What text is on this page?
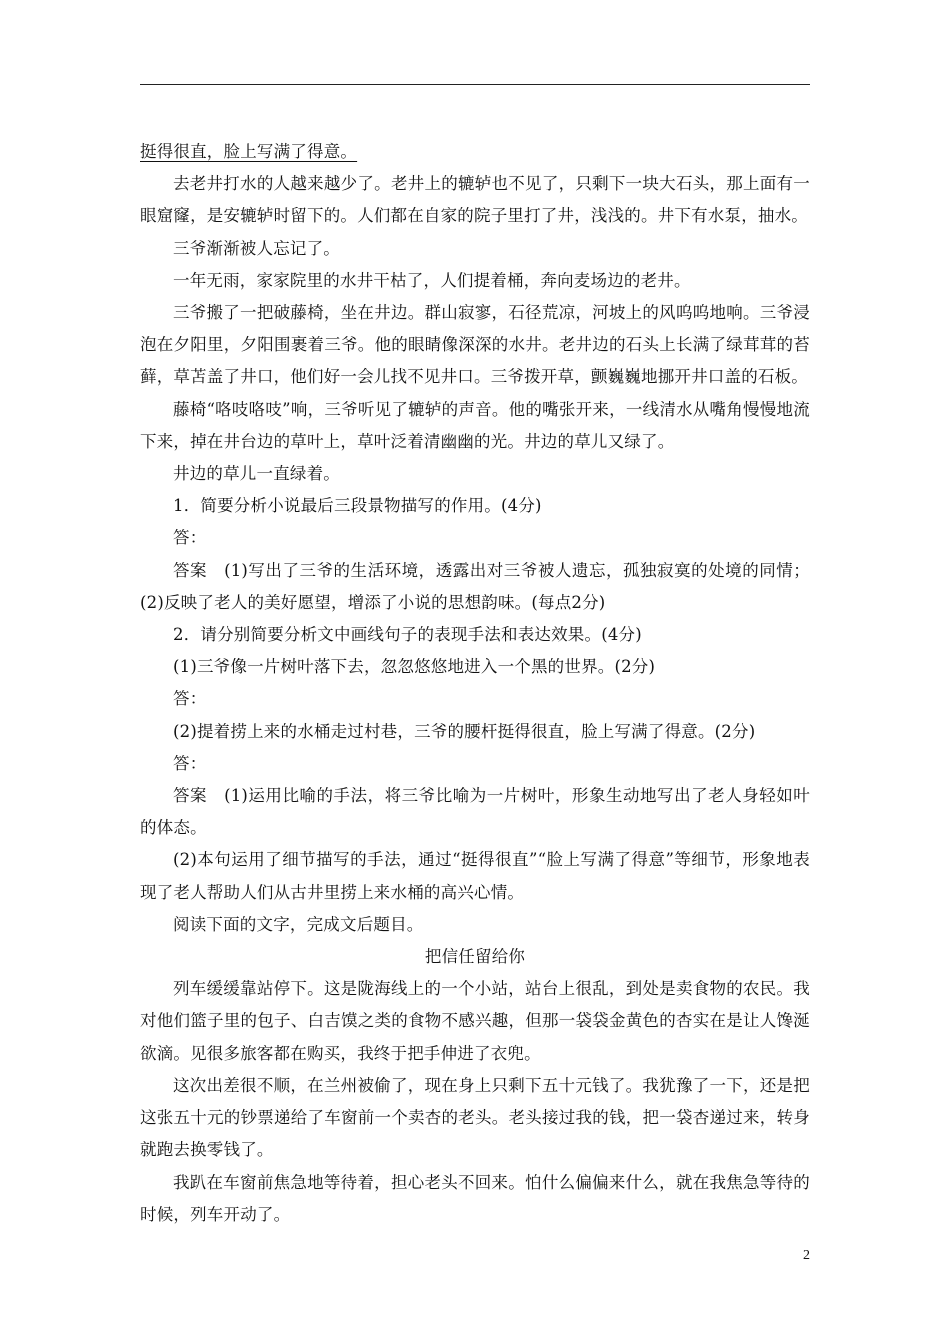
挺得很直，脸上写满了得意。

去老井打水的人越来越少了。老井上的辘轳也不见了，只剩下一块大石头，那上面有一眼窟窿，是安辘轳时留下的。人们都在自家的院子里打了井，浅浅的。井下有水泵，抽水。

三爷渐渐被人忘记了。

一年无雨，家家院里的水井干枯了，人们提着桶，奔向麦场边的老井。

三爷搬了一把破藤椅，坐在井边。群山寂寥，石径荒凉，河坡上的风呜呜地响。三爷浸泡在夕阳里，夕阳围裹着三爷。他的眼睛像深深的水井。老井边的石头上长满了绿茸茸的苔藓，草苫盖了井口，他们好一会儿找不见井口。三爷拨开草，颤巍巍地挪开井口盖的石板。

藤椅“咯吱咯吱”响，三爷听见了辘轳的声音。他的嘴张开来，一线清水从嘴角慢慢地流下来，掉在井台边的草叶上，草叶泛着清幽幽的光。井边的草儿又绿了。

井边的草儿一直绿着。

1．简要分析小说最后三段景物描写的作用。(4分)

答：

答案　(1)写出了三爷的生活环境，透露出对三爷被人遗忘，孤独寂寞的处境的同情；(2)反映了老人的美好愿望，增添了小说的思想韵味。(每点2分)

2．请分别简要分析文中画线句子的表现手法和表达效果。(4分)

(1)三爷像一片树叶落下去，忽忽悠悠地进入一个黑的世界。(2分)

答：

(2)提着捞上来的水桶走过村巷，三爷的腰杆挺得很直，脸上写满了得意。(2分)

答：

答案　(1)运用比喻的手法，将三爷比喻为一片树叶，形象生动地写出了老人身轻如叶的体态。

(2)本句运用了细节描写的手法，通过“挺得很直”“脸上写满了得意”等细节，形象地表现了老人帮助人们从古井里捞上来水桶的高兴心情。

阅读下面的文字，完成文后题目。

把信任留给你

列车缓缓靠站停下。这是陇海线上的一个小站，站台上很乱，到处是卖食物的农民。我对他们篮子里的包子、白吉馍之类的食物不感兴趣，但那一袋袋金黄色的杏实在是让人馋涎欲滴。见很多旅客都在购买，我终于把手伸进了衣兜。

这次出差很不顺，在兰州被偷了，现在身上只剩下五十元钱了。我犹豫了一下，还是把这张五十元的钞票递给了车窗前一个卖杏的老头。老头接过我的钱，把一袋杏递过来，转身就跑去换零钱了。

我趴在车窗前焦急地等待着，担心老头不回来。怕什么偏偏来什么，就在我焦急等待的时候，列车开动了。

2
